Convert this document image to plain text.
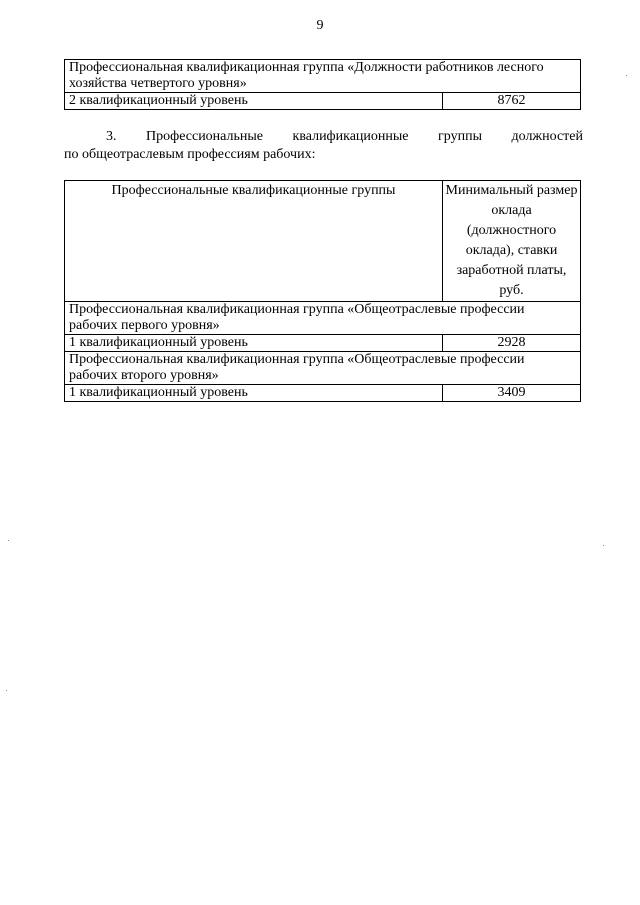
9
Профессиональная квалификационная группа «Должности работников лесного хозяйства четвертого уровня»
2 квалификационный уровень	8762
3. Профессиональные квалификационные группы должностей
по общеотраслевым профессиям рабочих:
Профессиональные квалификационные группы	Минимальный размер оклада (должностного оклада), ставки заработной платы, руб.
Профессиональная квалификационная группа «Общеотраслевые профессии рабочих первого уровня»	
1 квалификационный уровень	2928
Профессиональная квалификационная группа «Общеотраслевые профессии рабочих второго уровня»	
1 квалификационный уровень	3409
